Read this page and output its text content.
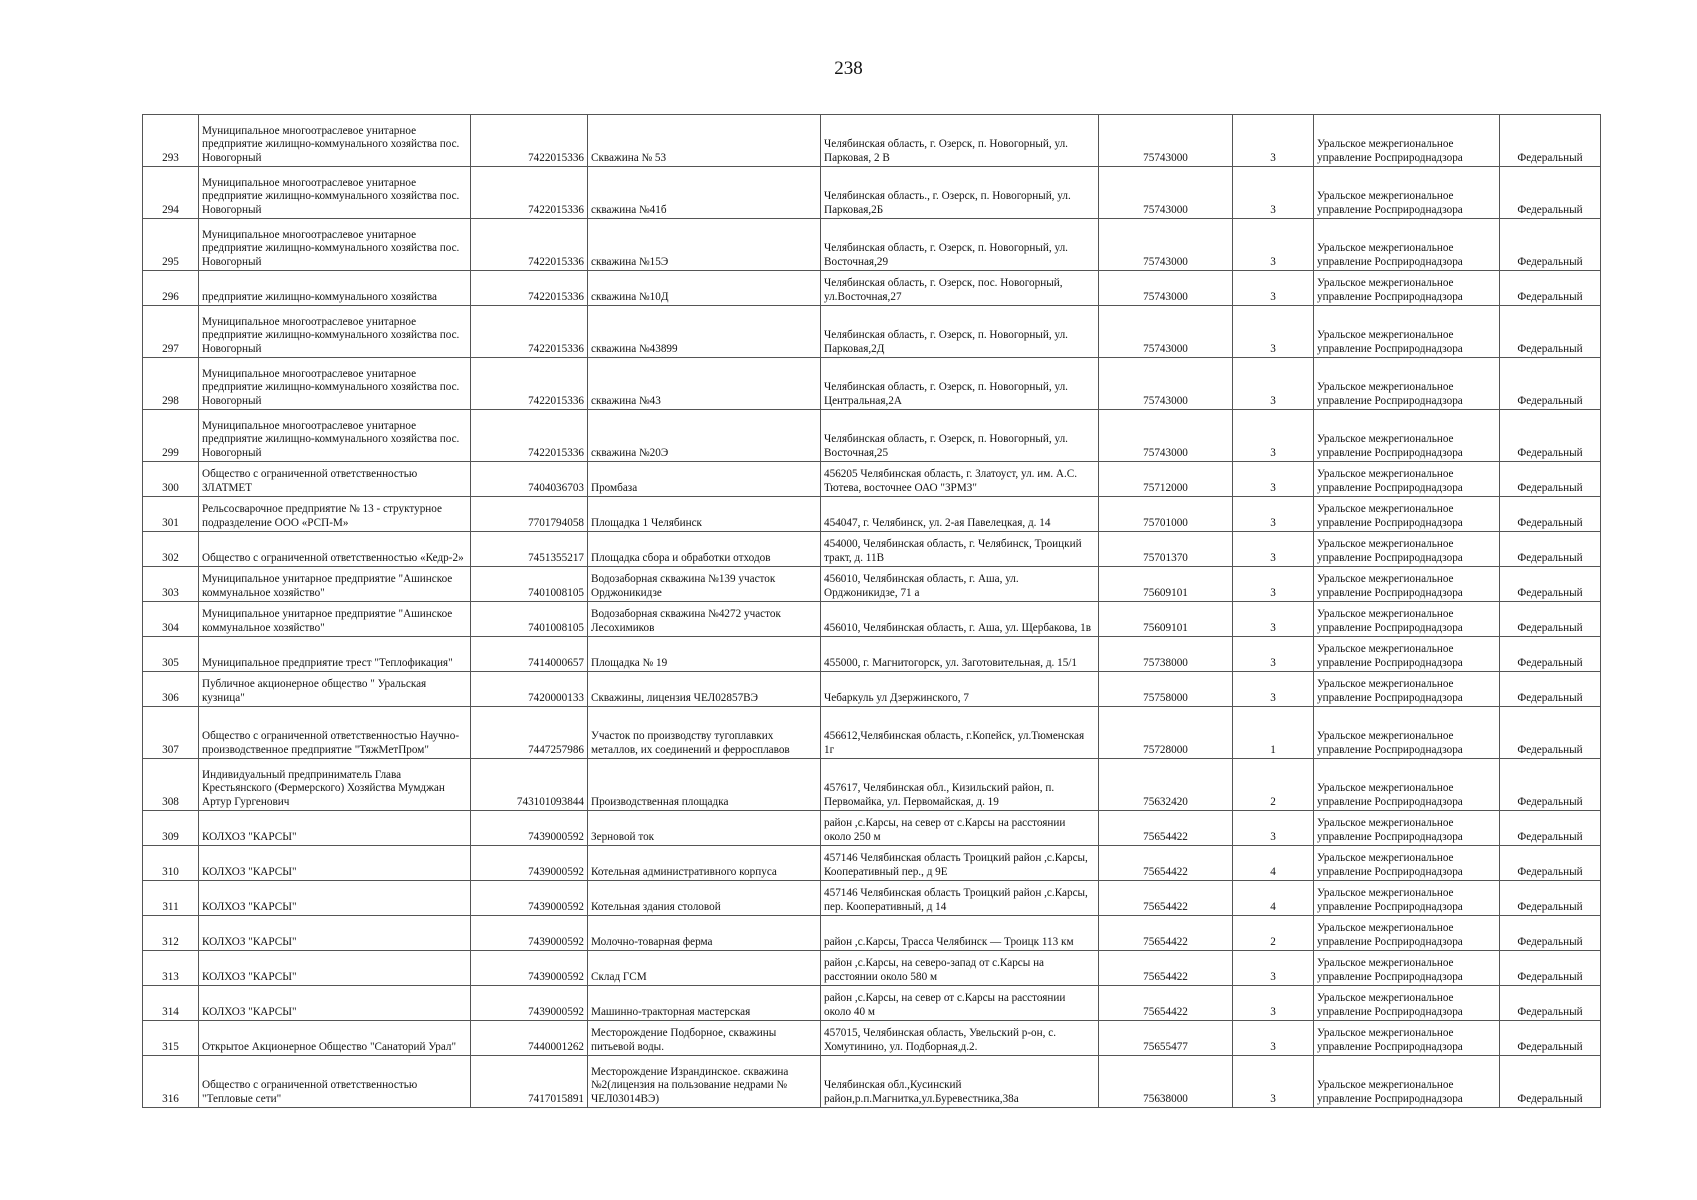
238
293	Муниципальное многоотраслевое унитарное предприятие жилищно-коммунального хозяйства пос. Новогорный	7422015336	Скважина № 53	Челябинская область, г. Озерск, п. Новогорный, ул. Парковая, 2 В	75743000	3	Уральское межрегиональное управление Росприроднадзора	Федеральный
294	Муниципальное многоотраслевое унитарное предприятие жилищно-коммунального хозяйства пос. Новогорный	7422015336	скважина №41б	Челябинская область., г. Озерск, п. Новогорный, ул. Парковая,2Б	75743000	3	Уральское межрегиональное управление Росприроднадзора	Федеральный
295	Муниципальное многоотраслевое унитарное предприятие жилищно-коммунального хозяйства пос. Новогорный	7422015336	скважина №15Э	Челябинская область, г. Озерск, п. Новогорный, ул. Восточная,29	75743000	3	Уральское межрегиональное управление Росприроднадзора	Федеральный
296	предприятие жилищно-коммунального хозяйства	7422015336	скважина №10Д	Челябинская область, г. Озерск, пос. Новогорный, ул.Восточная,27	75743000	3	Уральское межрегиональное управление Росприроднадзора	Федеральный
297	Муниципальное многоотраслевое унитарное предприятие жилищно-коммунального хозяйства пос. Новогорный	7422015336	скважина №43899	Челябинская область, г. Озерск, п. Новогорный, ул. Парковая,2Д	75743000	3	Уральское межрегиональное управление Росприроднадзора	Федеральный
298	Муниципальное многоотраслевое унитарное предприятие жилищно-коммунального хозяйства пос. Новогорный	7422015336	скважина №43	Челябинская область, г. Озерск, п. Новогорный, ул. Центральная,2А	75743000	3	Уральское межрегиональное управление Росприроднадзора	Федеральный
299	Муниципальное многоотраслевое унитарное предприятие жилищно-коммунального хозяйства пос. Новогорный	7422015336	скважина №20Э	Челябинская область, г. Озерск, п. Новогорный, ул. Восточная,25	75743000	3	Уральское межрегиональное управление Росприроднадзора	Федеральный
300	Общество с ограниченной ответственностью ЗЛАТМЕТ	7404036703	Промбаза	456205 Челябинская область, г. Златоуст, ул. им. А.С. Тютева, восточнее ОАО "ЗРМЗ"	75712000	3	Уральское межрегиональное управление Росприроднадзора	Федеральный
301	Рельсосварочное предприятие № 13 - структурное подразделение ООО «РСП-М»	7701794058	Площадка 1 Челябинск	454047, г. Челябинск, ул. 2-ая Павелецкая, д. 14	75701000	3	Уральское межрегиональное управление Росприроднадзора	Федеральный
302	Общество с ограниченной ответственностью «Кедр-2»	7451355217	Площадка сбора и обработки отходов	454000, Челябинская область, г. Челябинск, Троицкий тракт, д. 11В	75701370	3	Уральское межрегиональное управление Росприроднадзора	Федеральный
303	Муниципальное унитарное предприятие "Ашинское коммунальное хозяйство"	7401008105	Водозаборная скважина №139 участок Орджоникидзе	456010, Челябинская область, г. Аша, ул. Орджоникидзе, 71 а	75609101	3	Уральское межрегиональное управление Росприроднадзора	Федеральный
304	Муниципальное унитарное предприятие "Ашинское коммунальное хозяйство"	7401008105	Водозаборная скважина №4272 участок Лесохимиков	456010, Челябинская область, г. Аша, ул. Щербакова, 1в	75609101	3	Уральское межрегиональное управление Росприроднадзора	Федеральный
305	Муниципальное предприятие трест "Теплофикация"	7414000657	Площадка № 19	455000, г. Магнитогорск, ул. Заготовительная, д. 15/1	75738000	3	Уральское межрегиональное управление Росприроднадзора	Федеральный
306	Публичное акционерное общество " Уральская кузница"	7420000133	Скважины, лицензия ЧЕЛ02857ВЭ	Чебаркуль ул Дзержинского, 7	75758000	3	Уральское межрегиональное управление Росприроднадзора	Федеральный
307	Общество с ограниченной ответственностью Научно-производственное предприятие "ТяжМетПром"	7447257986	Участок по производству тугоплавких металлов, их соединений и ферросплавов	456612,Челябинская область, г.Копейск, ул.Тюменская 1г	75728000	1	Уральское межрегиональное управление Росприроднадзора	Федеральный
308	Индивидуальный предприниматель Глава Крестьянского (Фермерского) Хозяйства Мумджан Артур Гургенович	743101093844	Производственная площадка	457617, Челябинская обл., Кизильский район, п. Первомайка, ул. Первомайская, д. 19	75632420	2	Уральское межрегиональное управление Росприроднадзора	Федеральный
309	КОЛХОЗ "КАРСЫ"	7439000592	Зерновой ток	район ,с.Карсы, на север от с.Карсы на расстоянии около 250 м	75654422	3	Уральское межрегиональное управление Росприроднадзора	Федеральный
310	КОЛХОЗ "КАРСЫ"	7439000592	Котельная административного корпуса	457146 Челябинская область Троицкий район ,с.Карсы, Кооперативный пер., д 9Е	75654422	4	Уральское межрегиональное управление Росприроднадзора	Федеральный
311	КОЛХОЗ "КАРСЫ"	7439000592	Котельная здания столовой	457146 Челябинская область Троицкий район ,с.Карсы, пер. Кооперативный, д 14	75654422	4	Уральское межрегиональное управление Росприроднадзора	Федеральный
312	КОЛХОЗ "КАРСЫ"	7439000592	Молочно-товарная ферма	район ,с.Карсы, Трасса Челябинск — Троицк 113 км	75654422	2	Уральское межрегиональное управление Росприроднадзора	Федеральный
313	КОЛХОЗ "КАРСЫ"	7439000592	Склад ГСМ	район ,с.Карсы, на северо-запад от с.Карсы на расстоянии около 580 м	75654422	3	Уральское межрегиональное управление Росприроднадзора	Федеральный
314	КОЛХОЗ "КАРСЫ"	7439000592	Машинно-тракторная мастерская	район ,с.Карсы, на север от с.Карсы на расстоянии около 40 м	75654422	3	Уральское межрегиональное управление Росприроднадзора	Федеральный
315	Открытое Акционерное Общество "Санаторий Урал"	7440001262	Месторождение Подборное, скважины питьевой воды.	457015, Челябинская область, Увельский р-он, с. Хомутинино, ул. Подборная,д.2.	75655477	3	Уральское межрегиональное управление Росприроднадзора	Федеральный
316	Общество с ограниченной ответственностью "Тепловые сети"	7417015891	Месторождение Израндинское. скважина №2(лицензия на пользование недрами № ЧЕЛ03014ВЭ)	Челябинская обл.,Кусинский район,р.п.Магнитка,ул.Буревестника,38а	75638000	3	Уральское межрегиональное управление Росприроднадзора	Федеральный
